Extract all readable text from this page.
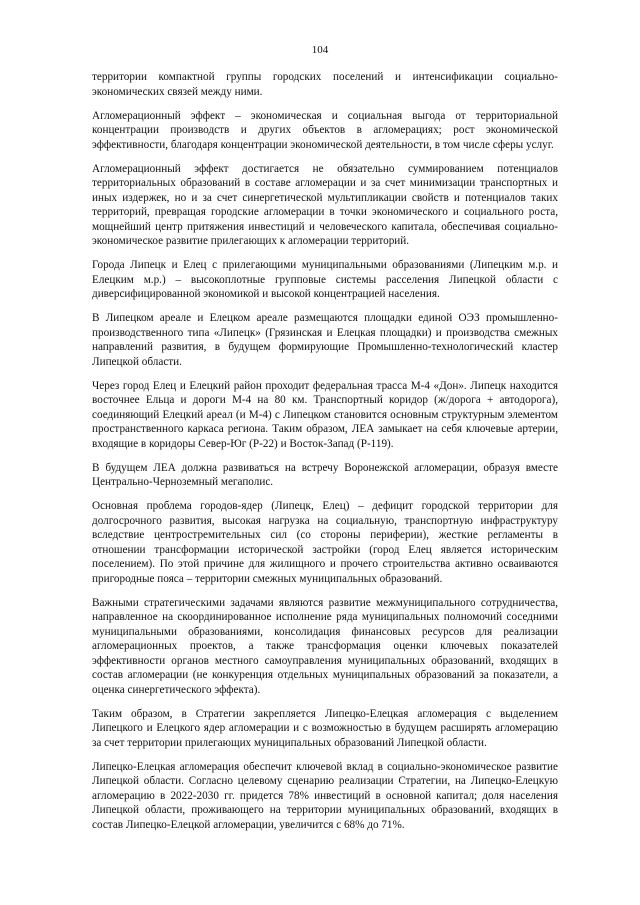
104

территории компактной группы городских поселений и интенсификации социально-экономических связей между ними.

Агломерационный эффект – экономическая и социальная выгода от территориальной концентрации производств и других объектов в агломерациях; рост экономической эффективности, благодаря концентрации экономической деятельности, в том числе сферы услуг.

Агломерационный эффект достигается не обязательно суммированием потенциалов территориальных образований в составе агломерации и за счет минимизации транспортных и иных издержек, но и за счет синергетической мультипликации свойств и потенциалов таких территорий, превращая городские агломерации в точки экономического и социального роста, мощнейший центр притяжения инвестиций и человеческого капитала, обеспечивая социально-экономическое развитие прилегающих к агломерации территорий.

Города Липецк и Елец с прилегающими муниципальными образованиями (Липецким м.р. и Елецким м.р.) – высокоплотные групповые системы расселения Липецкой области с диверсифицированной экономикой и высокой концентрацией населения.

В Липецком ареале и Елецком ареале размещаются площадки единой ОЭЗ промышленно-производственного типа «Липецк» (Грязинская и Елецкая площадки) и производства смежных направлений развития, в будущем формирующие Промышленно-технологический кластер Липецкой области.

Через город Елец и Елецкий район проходит федеральная трасса М-4 «Дон». Липецк находится восточнее Ельца и дороги М-4 на 80 км. Транспортный коридор (ж/дорога + автодорога), соединяющий Елецкий ареал (и М-4) с Липецком становится основным структурным элементом пространственного каркаса региона. Таким образом, ЛЕА замыкает на себя ключевые артерии, входящие в коридоры Север-Юг (Р-22) и Восток-Запад (Р-119).

В будущем ЛЕА должна развиваться на встречу Воронежской агломерации, образуя вместе Центрально-Черноземный мегаполис.

Основная проблема городов-ядер (Липецк, Елец) – дефицит городской территории для долгосрочного развития, высокая нагрузка на социальную, транспортную инфраструктуру вследствие центростремительных сил (со стороны периферии), жесткие регламенты в отношении трансформации исторической застройки (город Елец является историческим поселением). По этой причине для жилищного и прочего строительства активно осваиваются пригородные пояса – территории смежных муниципальных образований.

Важными стратегическими задачами являются развитие межмуниципального сотрудничества, направленное на скоординированное исполнение ряда муниципальных полномочий соседними муниципальными образованиями, консолидация финансовых ресурсов для реализации агломерационных проектов, а также трансформация оценки ключевых показателей эффективности органов местного самоуправления муниципальных образований, входящих в состав агломерации (не конкуренция отдельных муниципальных образований за показатели, а оценка синергетического эффекта).

Таким образом, в Стратегии закрепляется Липецко-Елецкая агломерация с выделением Липецкого и Елецкого ядер агломерации и с возможностью в будущем расширять агломерацию за счет территории прилегающих муниципальных образований Липецкой области.

Липецко-Елецкая агломерация обеспечит ключевой вклад в социально-экономическое развитие Липецкой области. Согласно целевому сценарию реализации Стратегии, на Липецко-Елецкую агломерацию в 2022-2030 гг. придется 78% инвестиций в основной капитал; доля населения Липецкой области, проживающего на территории муниципальных образований, входящих в состав Липецко-Елецкой агломерации, увеличится с 68% до 71%.
